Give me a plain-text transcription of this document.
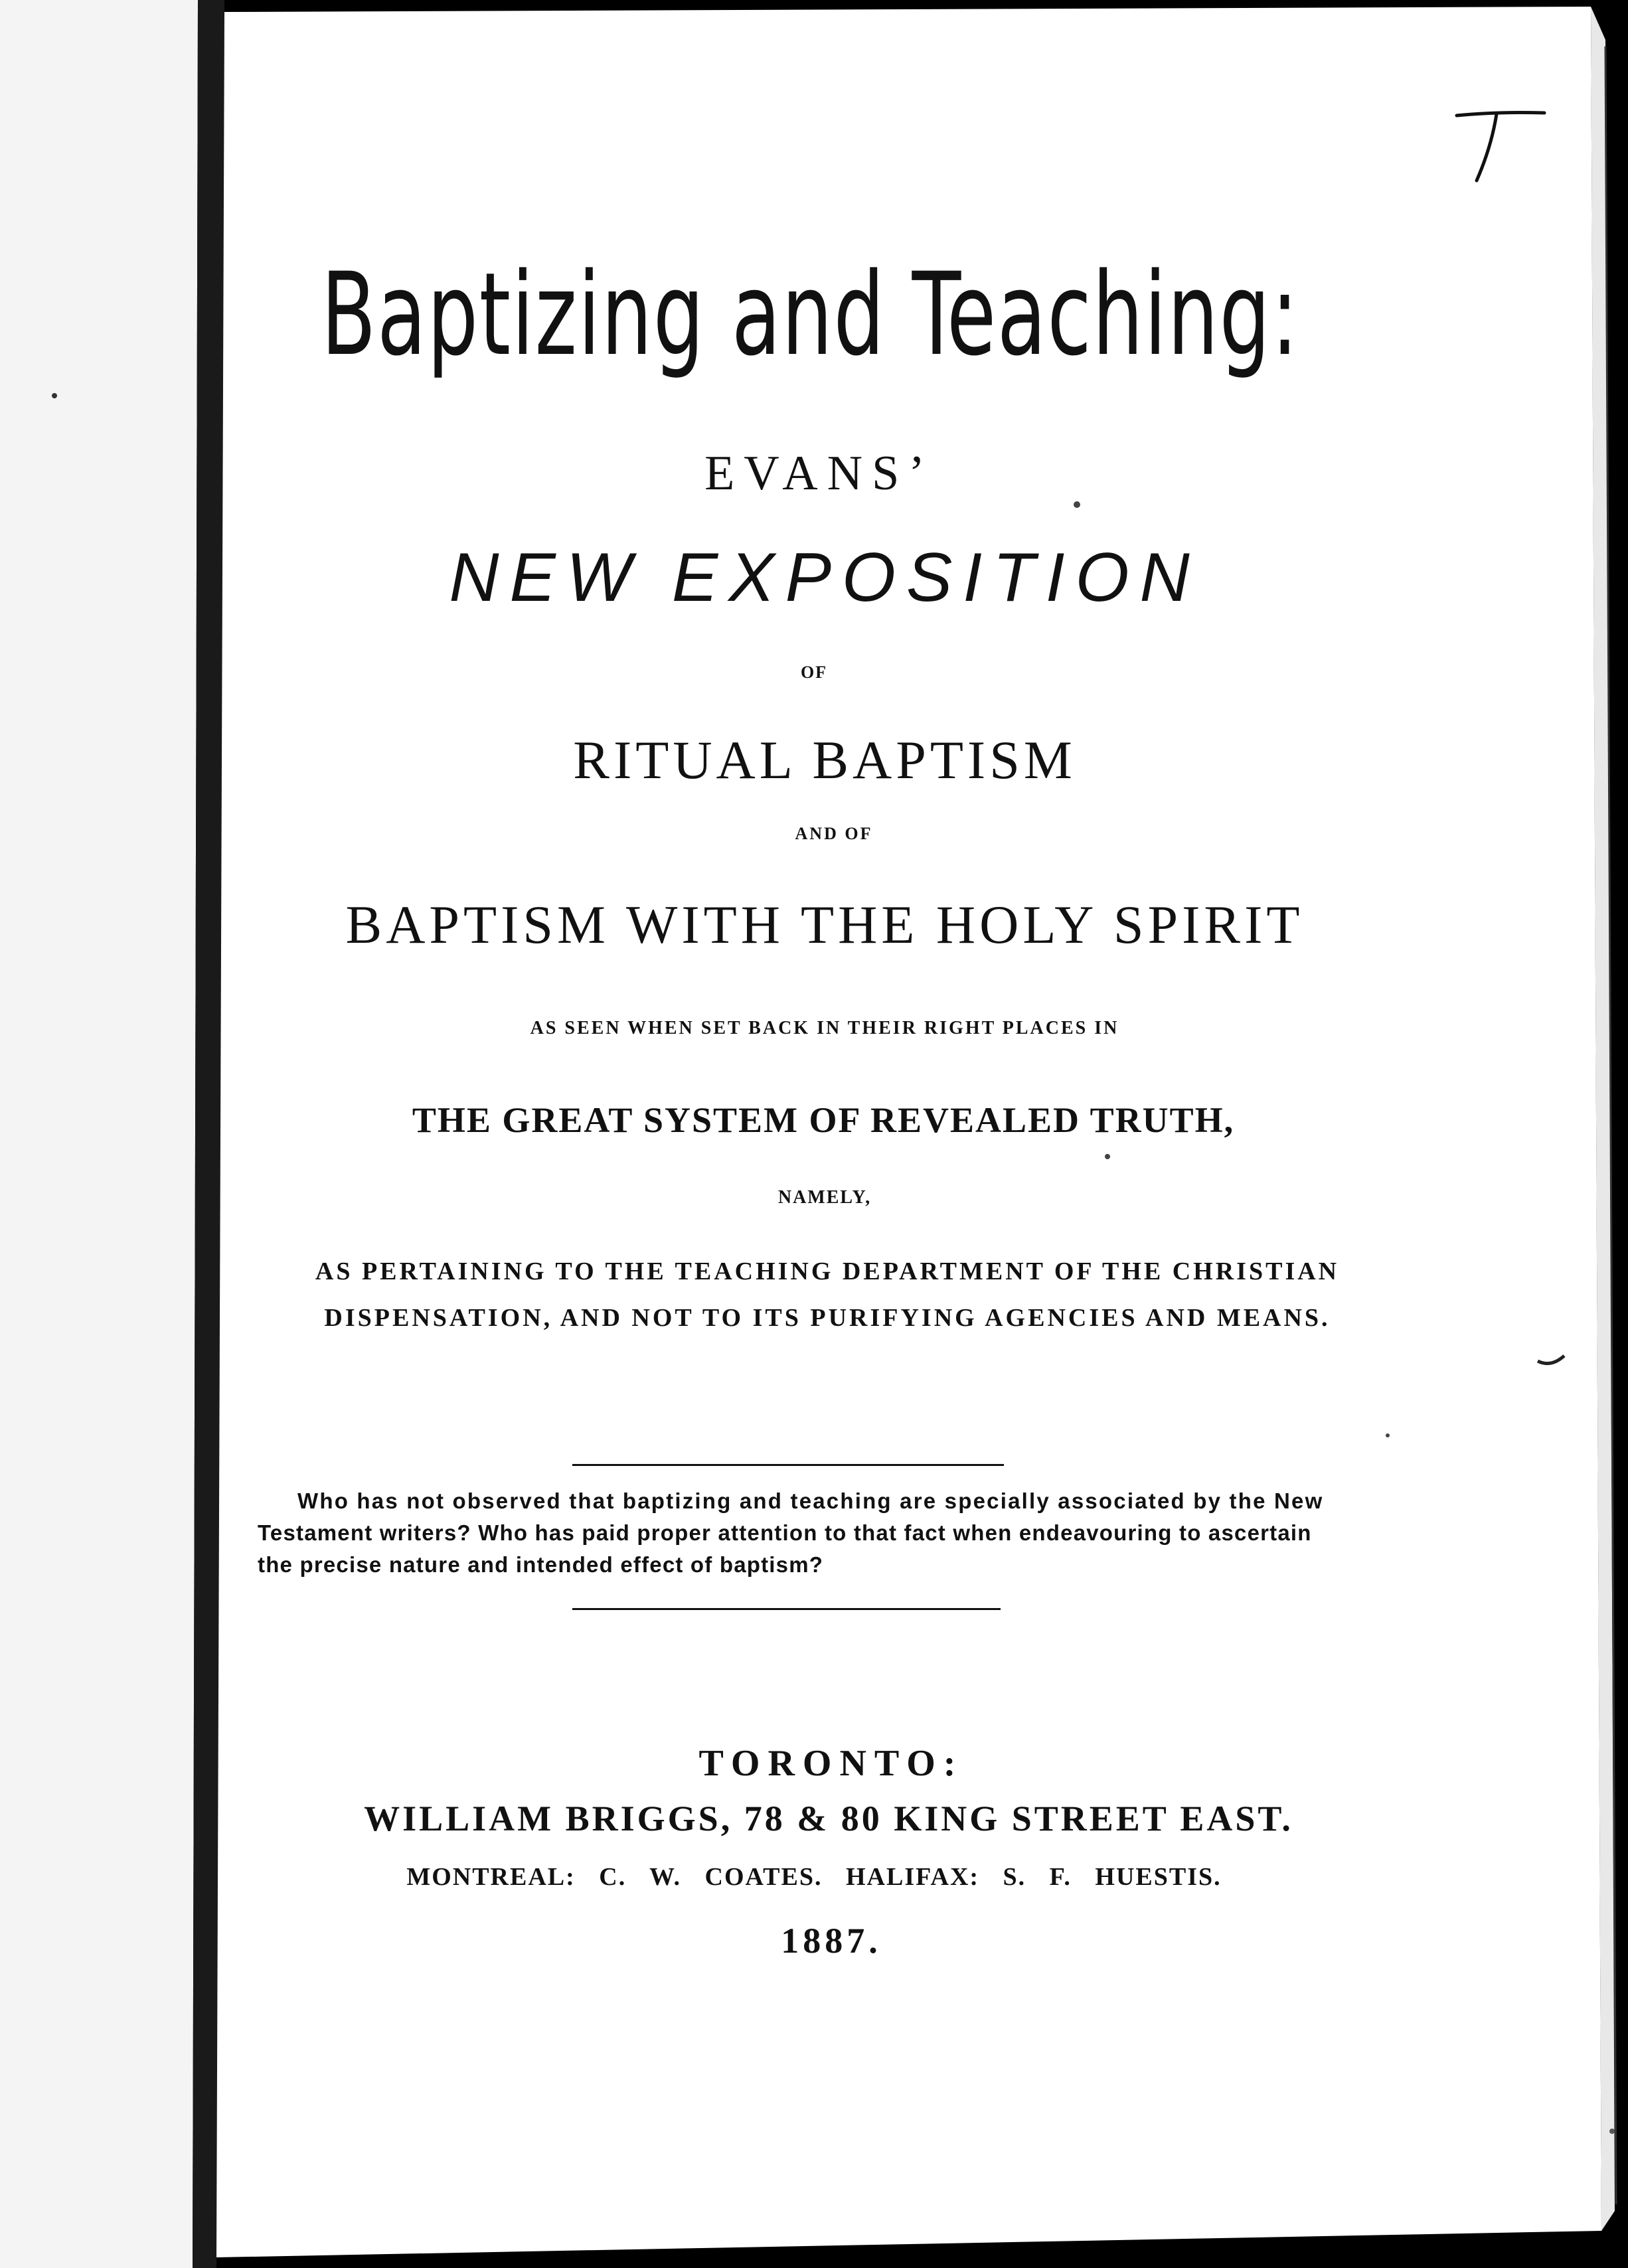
Baptizing and Teaching:

EVANS’

NEW EXPOSITION

OF

RITUAL BAPTISM

AND OF

BAPTISM WITH THE HOLY SPIRIT

AS SEEN WHEN SET BACK IN THEIR RIGHT PLACES IN

THE GREAT SYSTEM OF REVEALED TRUTH,

NAMELY,

AS PERTAINING TO THE TEACHING DEPARTMENT OF THE CHRISTIAN

DISPENSATION, AND NOT TO ITS PURIFYING AGENCIES AND MEANS.

Who has not observed that baptizing and teaching are specially associated by the New

Testament writers? Who has paid proper attention to that fact when endeavouring to ascertain

the precise nature and intended effect of baptism?

TORONTO:

WILLIAM BRIGGS, 78 & 80 KING STREET EAST.

MONTREAL: C. W. COATES. HALIFAX: S. F. HUESTIS.

1887.
